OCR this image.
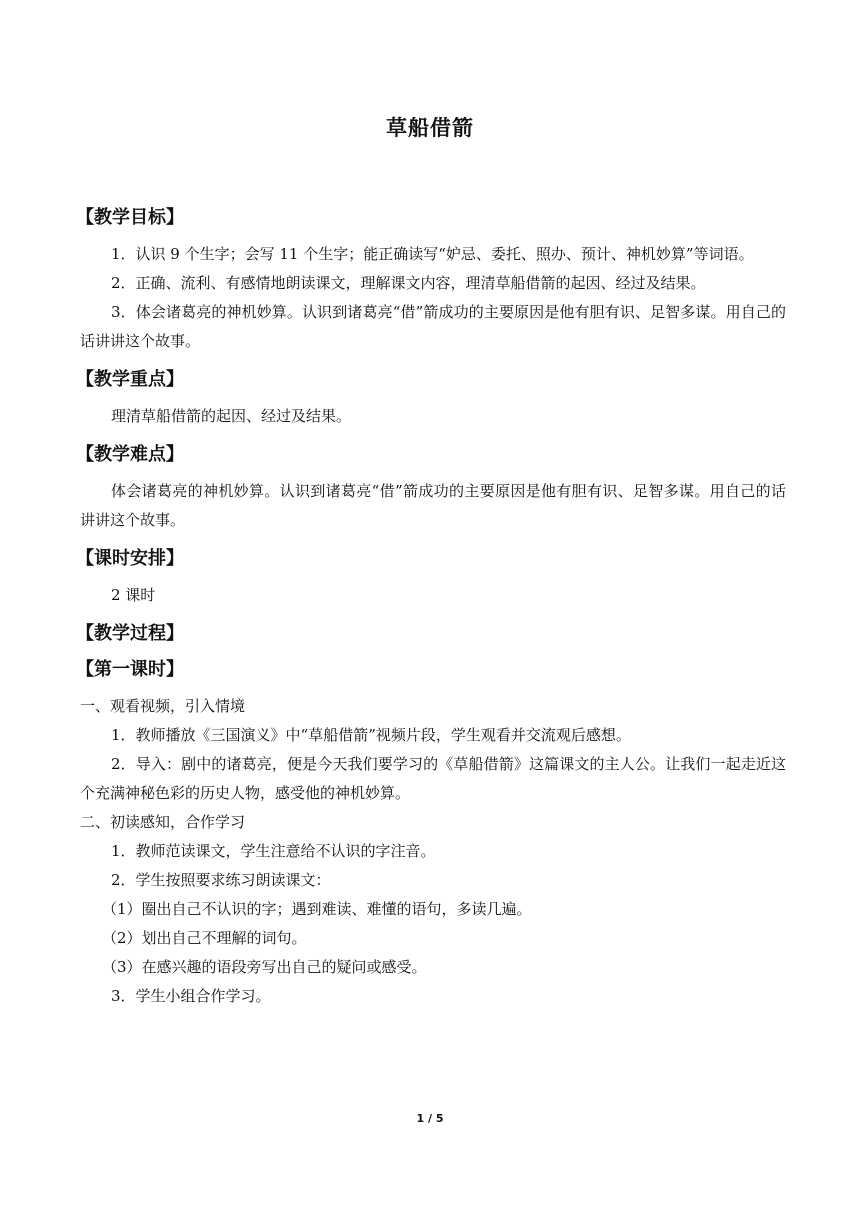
草船借箭
【教学目标】

1．认识 9 个生字；会写 11 个生字；能正确读写“妒忌、委托、照办、预计、神机妙算”等词语。

2．正确、流利、有感情地朗读课文，理解课文内容，理清草船借箭的起因、经过及结果。

3．体会诸葛亮的神机妙算。认识到诸葛亮“借”箭成功的主要原因是他有胆有识、足智多谋。用自己的话讲讲这个故事。

【教学重点】

理清草船借箭的起因、经过及结果。

【教学难点】

体会诸葛亮的神机妙算。认识到诸葛亮“借”箭成功的主要原因是他有胆有识、足智多谋。用自己的话讲讲这个故事。

【课时安排】

2 课时

【教学过程】
【第一课时】

一、观看视频，引入情境

1．教师播放《三国演义》中“草船借箭”视频片段，学生观看并交流观后感想。

2．导入：剧中的诸葛亮，便是今天我们要学习的《草船借箭》这篇课文的主人公。让我们一起走近这个充满神秘色彩的历史人物，感受他的神机妙算。

二、初读感知，合作学习

1．教师范读课文，学生注意给不认识的字注音。

2．学生按照要求练习朗读课文：

（1）圈出自己不认识的字；遇到难读、难懂的语句，多读几遍。

（2）划出自己不理解的词句。

（3）在感兴趣的语段旁写出自己的疑问或感受。

3．学生小组合作学习。

1 / 5
